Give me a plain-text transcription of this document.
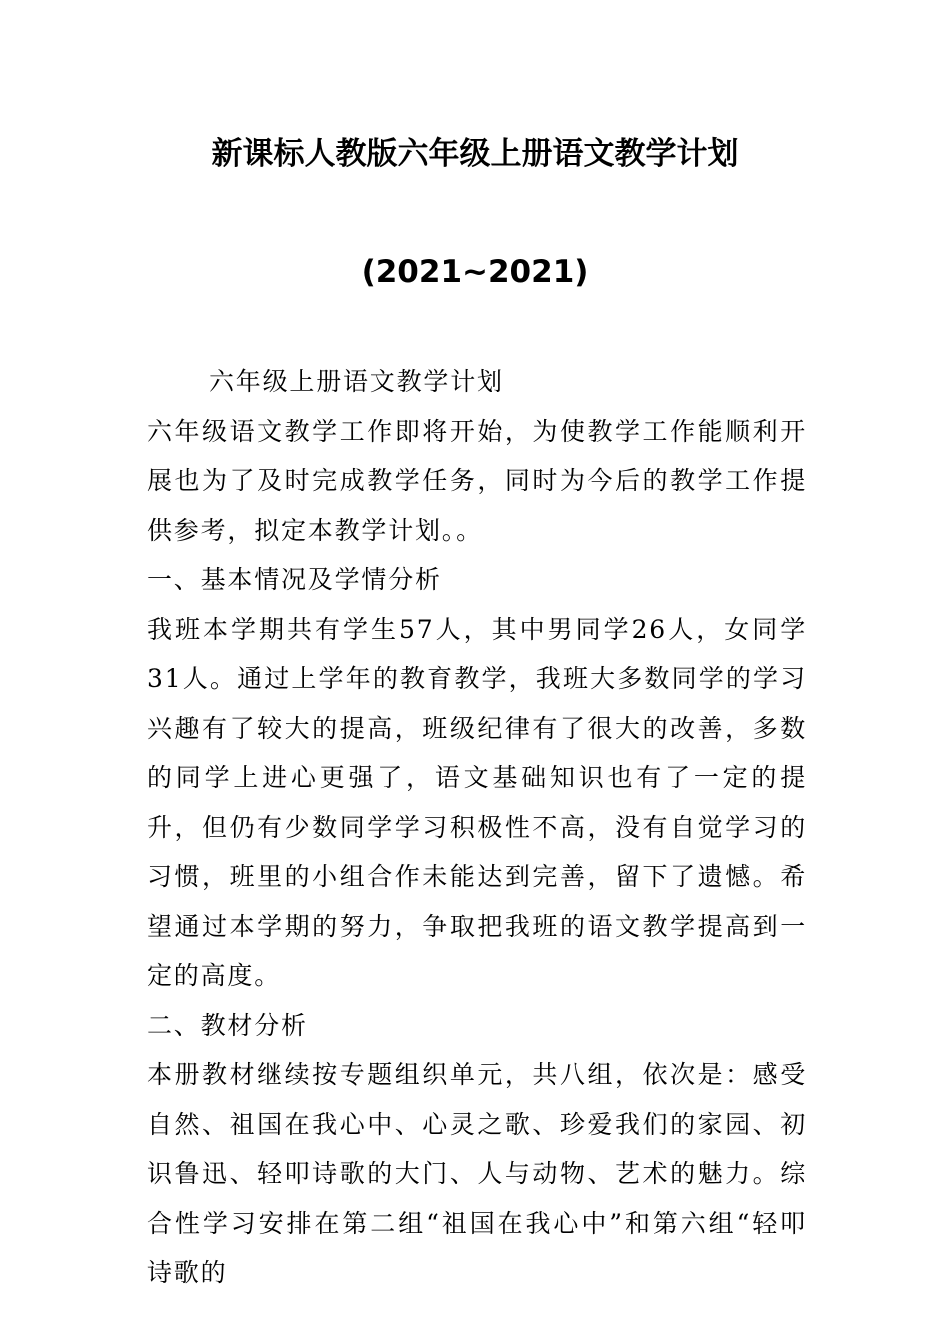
新课标人教版六年级上册语文教学计划
(2021~2021)

六年级上册语文教学计划

六年级语文教学工作即将开始，为使教学工作能顺利开展也为了及时完成教学任务，同时为今后的教学工作提供参考，拟定本教学计划。。

一、基本情况及学情分析

我班本学期共有学生57人，其中男同学26人，女同学31人。通过上学年的教育教学，我班大多数同学的学习兴趣有了较大的提高，班级纪律有了很大的改善，多数的同学上进心更强了，语文基础知识也有了一定的提升，但仍有少数同学学习积极性不高，没有自觉学习的习惯，班里的小组合作未能达到完善，留下了遗憾。希望通过本学期的努力，争取把我班的语文教学提高到一定的高度。

二、教材分析

本册教材继续按专题组织单元，共八组，依次是：感受自然、祖国在我心中、心灵之歌、珍爱我们的家园、初识鲁迅、轻叩诗歌的大门、人与动物、艺术的魅力。综合性学习安排在第二组“祖国在我心中”和第六组“轻叩诗歌的
